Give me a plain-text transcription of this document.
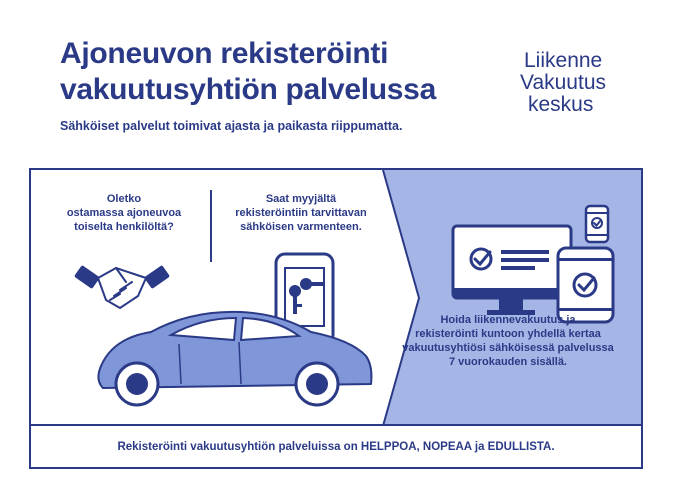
Ajoneuvon rekisteröinti
vakuutusyhtiön palvelussa

Sähköiset palvelut toimivat ajasta ja paikasta riippumatta.

Liikenne
Vakuutus
keskus

Oletko
ostamassa ajoneuvoa
toiselta henkilöltä?

Saat myyjältä
rekisteröintiin tarvittavan
sähköisen varmenteen.

Hoida liikennevakuutus ja
rekisteröinti kuntoon yhdellä kertaa
vakuutusyhtiösi sähköisessä palvelussa
7 vuorokauden sisällä.

Rekisteröinti vakuutusyhtiön palveluissa on HELPPOA, NOPEAA ja EDULLISTA.
